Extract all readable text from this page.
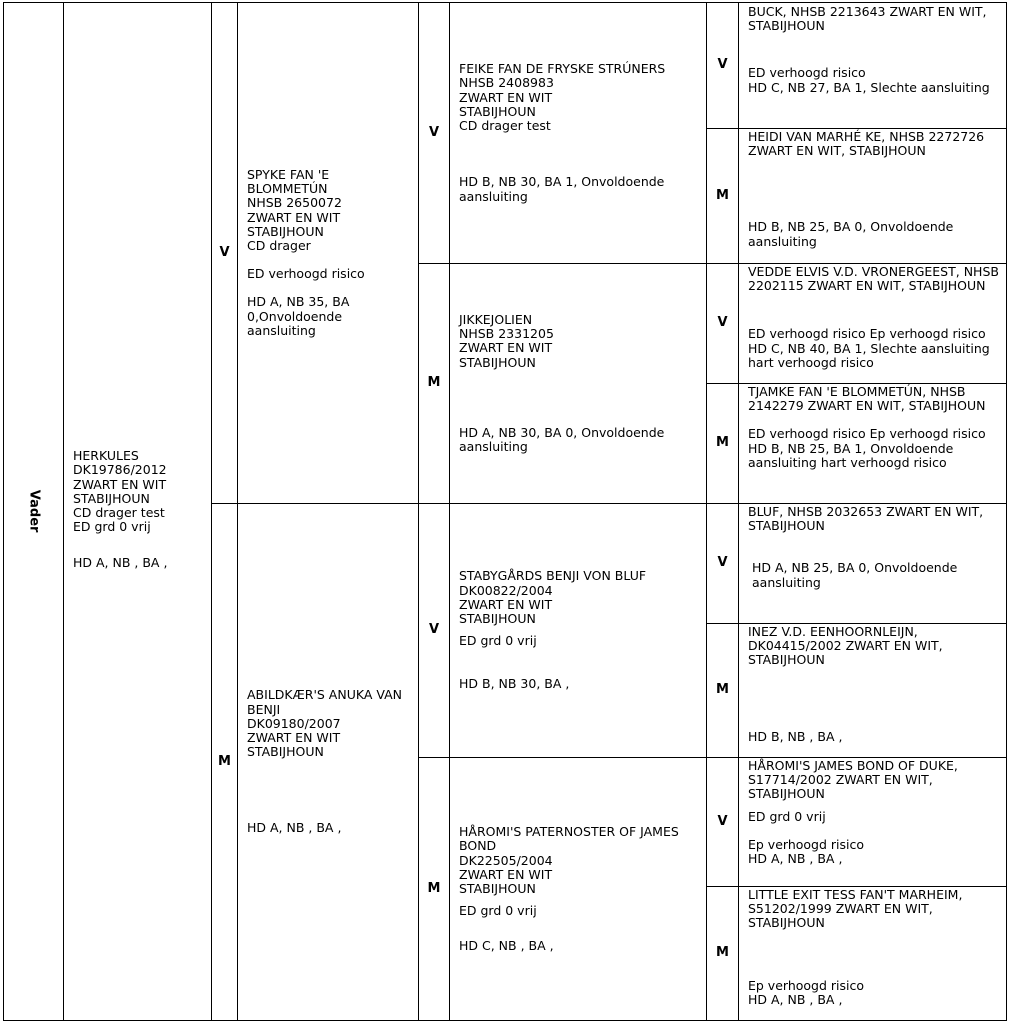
Vader
HERKULES
DK19786/2012
ZWART EN WIT
STABIJHOUN
CD drager test
ED grd 0 vrij
HD A, NB , BA ,
V
SPYKE FAN 'E BLOMMETÚN
NHSB 2650072
ZWART EN WIT
STABIJHOUN
CD drager
ED verhoogd risico
HD A, NB 35, BA 0,Onvoldoende aansluiting
M
ABILDKÆR'S ANUKA VAN BENJI
DK09180/2007
ZWART EN WIT
STABIJHOUN
HD A, NB , BA ,
V
FEIKE FAN DE FRYSKE STRÚNERS
NHSB 2408983
ZWART EN WIT
STABIJHOUN
CD drager test
HD B, NB 30, BA 1, Onvoldoende aansluiting
M
JIKKEJOLIEN
NHSB 2331205
ZWART EN WIT
STABIJHOUN
HD A, NB 30, BA 0, Onvoldoende aansluiting
V
STABYGÅRDS BENJI VON BLUF
DK00822/2004
ZWART EN WIT
STABIJHOUN
ED grd 0 vrij
HD B, NB 30, BA ,
M
HÅROMI'S PATERNOSTER OF JAMES BOND
DK22505/2004
ZWART EN WIT
STABIJHOUN
ED grd 0 vrij
HD C, NB , BA ,
V
BUCK, NHSB 2213643 ZWART EN WIT, STABIJHOUN
ED verhoogd risico
HD C, NB 27, BA 1, Slechte aansluiting
M
HEIDI VAN MARHÉ KE, NHSB 2272726 ZWART EN WIT, STABIJHOUN
HD B, NB 25, BA 0, Onvoldoende aansluiting
V
VEDDE ELVIS V.D. VRONERGEEST, NHSB 2202115 ZWART EN WIT, STABIJHOUN
ED verhoogd risico Ep verhoogd risico
HD C, NB 40, BA 1, Slechte aansluiting hart verhoogd risico
M
TJAMKE FAN 'E BLOMMETÚN, NHSB 2142279 ZWART EN WIT, STABIJHOUN
ED verhoogd risico Ep verhoogd risico
HD B, NB 25, BA 1, Onvoldoende aansluiting hart verhoogd risico
V
BLUF, NHSB 2032653 ZWART EN WIT, STABIJHOUN
HD A, NB 25, BA 0, Onvoldoende aansluiting
M
INEZ V.D. EENHOORNLEIJN, DK04415/2002 ZWART EN WIT, STABIJHOUN
HD B, NB , BA ,
V
HÅROMI'S JAMES BOND OF DUKE, S17714/2002 ZWART EN WIT, STABIJHOUN
ED grd 0 vrij
Ep verhoogd risico
HD A, NB , BA ,
M
LITTLE EXIT TESS FAN'T MARHEIM, S51202/1999 ZWART EN WIT, STABIJHOUN
Ep verhoogd risico
HD A, NB , BA ,
